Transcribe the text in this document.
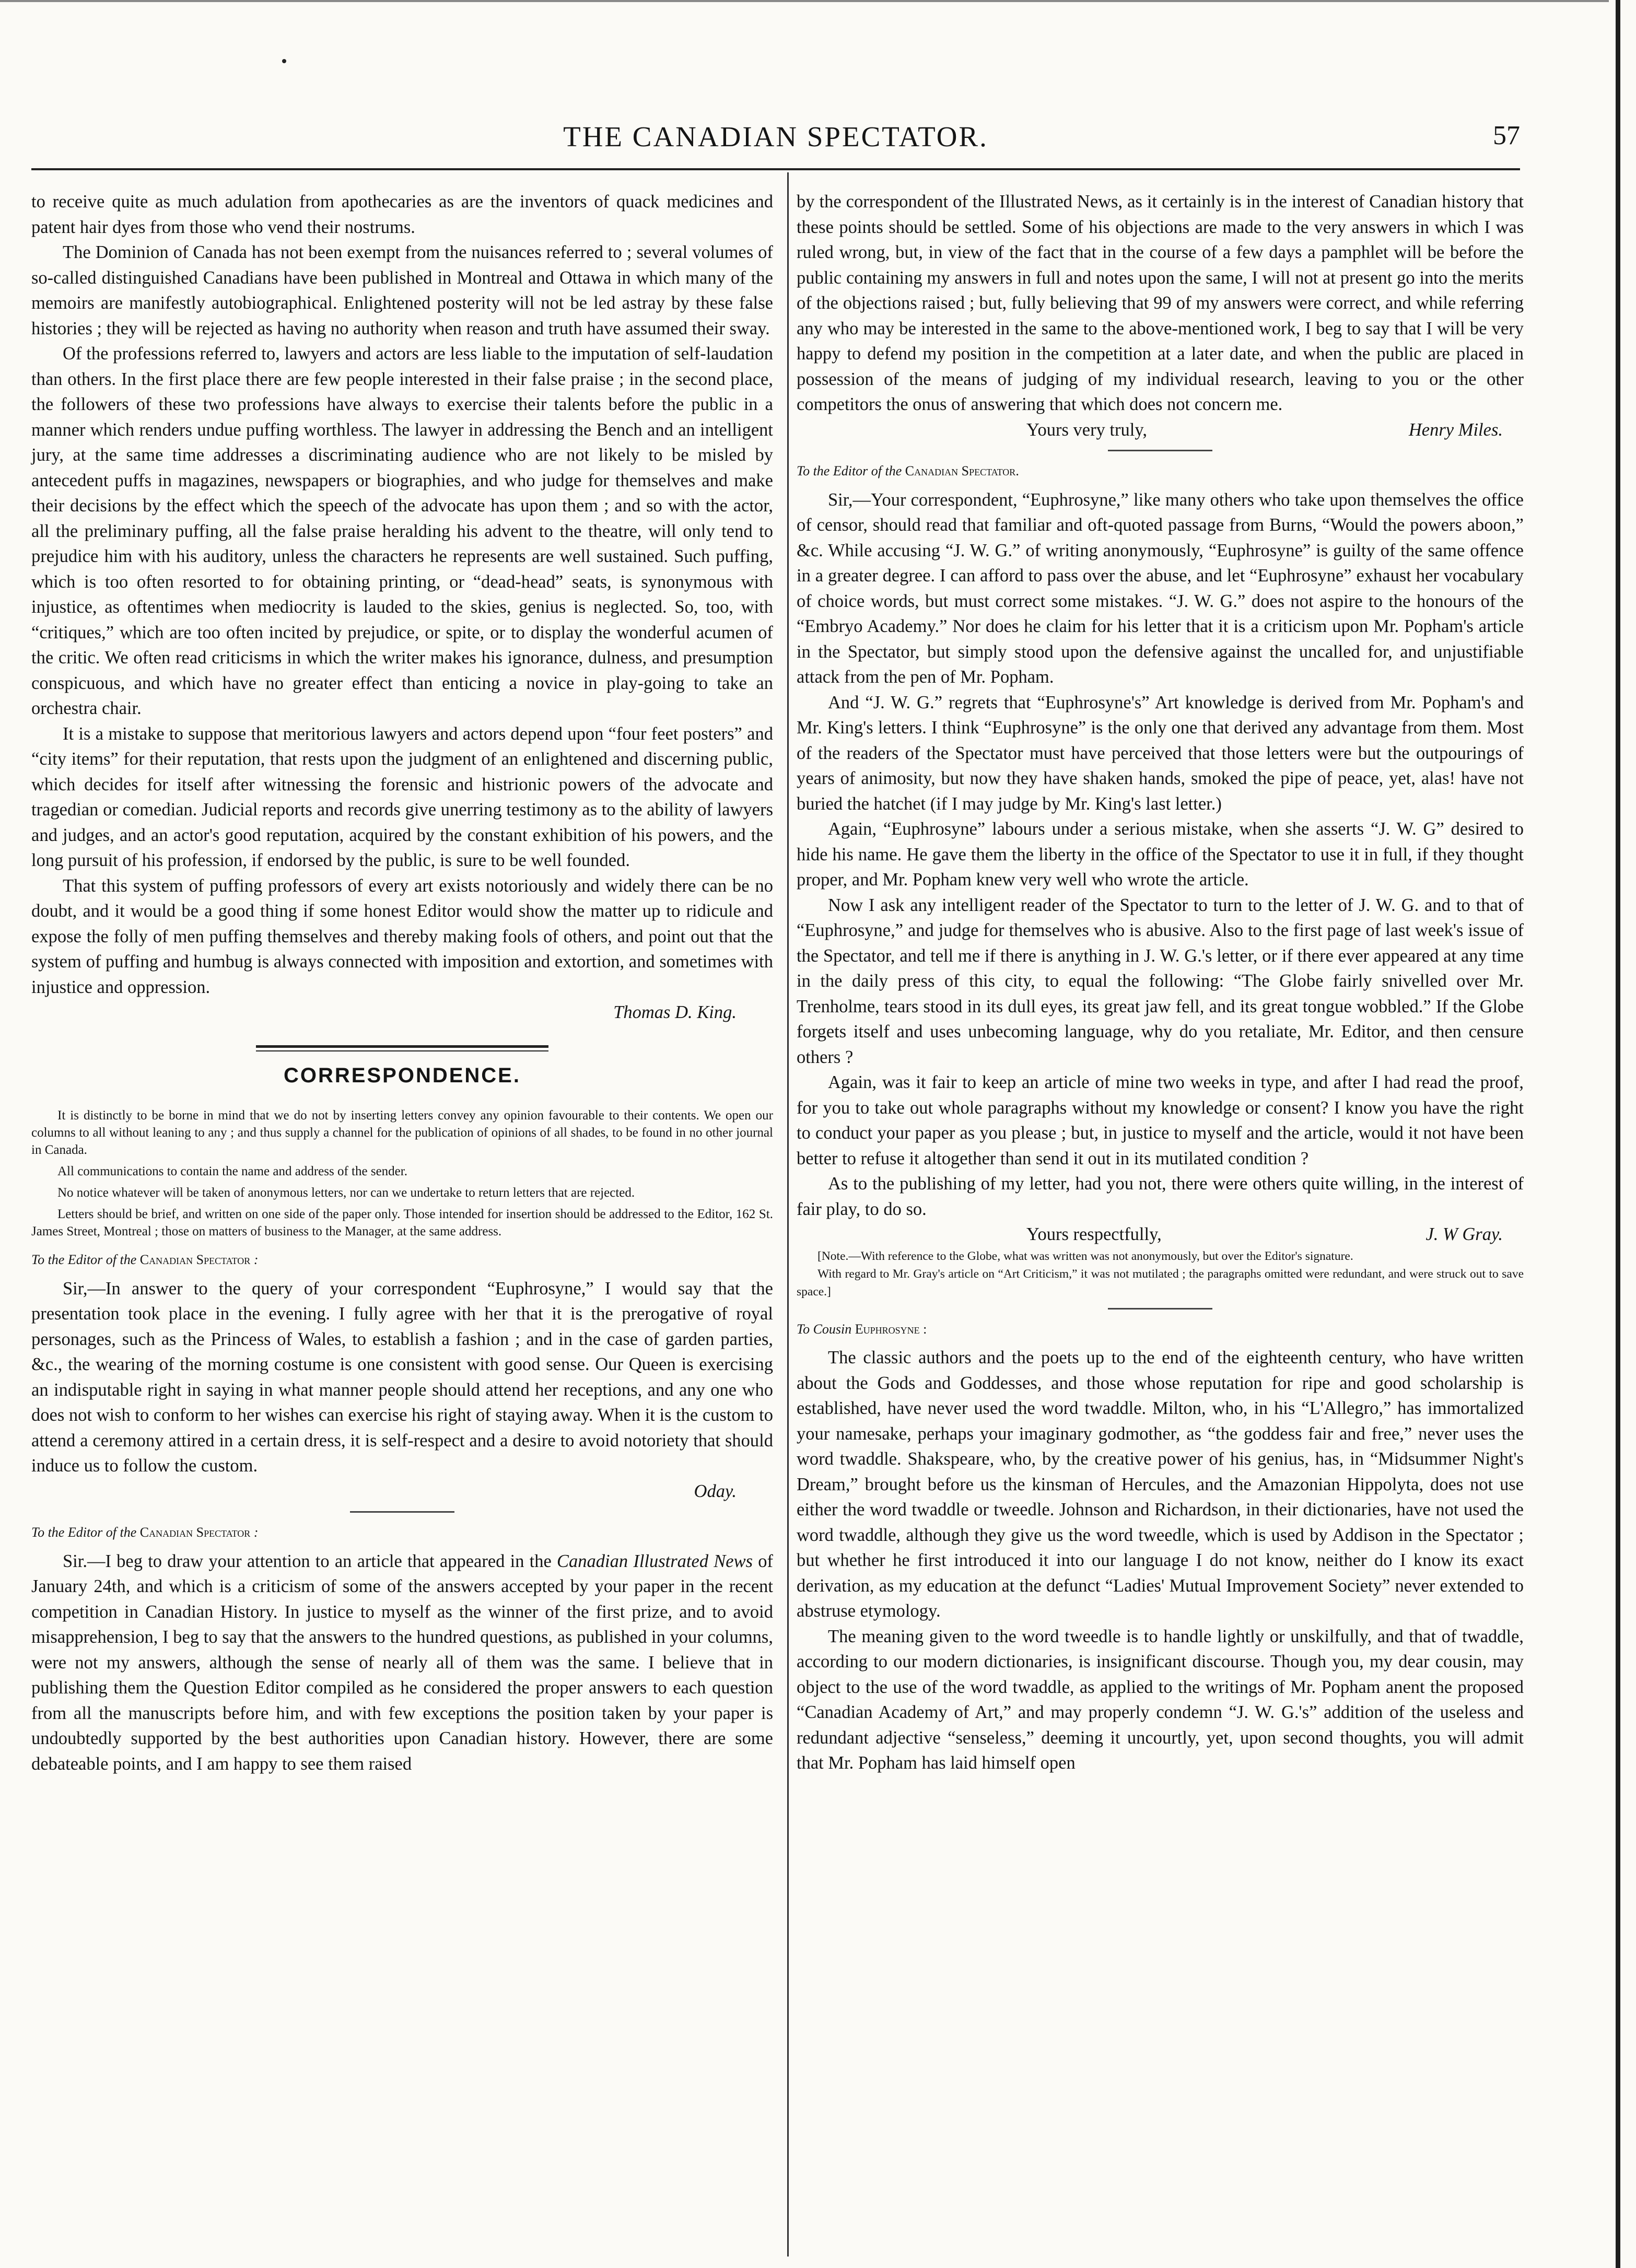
THE CANADIAN SPECTATOR.	57

to receive quite as much adulation from apothecaries as are the inventors of quack medicines and patent hair dyes from those who vend their nostrums.

The Dominion of Canada has not been exempt from the nuisances referred to ; several volumes of so-called distinguished Canadians have been published in Montreal and Ottawa in which many of the memoirs are manifestly autobiographical. Enlightened posterity will not be led astray by these false histories ; they will be rejected as having no authority when reason and truth have assumed their sway.

Of the professions referred to, lawyers and actors are less liable to the imputation of self-laudation than others. In the first place there are few people interested in their false praise ; in the second place, the followers of these two professions have always to exercise their talents before the public in a manner which renders undue puffing worthless. The lawyer in addressing the Bench and an intelligent jury, at the same time addresses a discriminating audience who are not likely to be misled by antecedent puffs in magazines, newspapers or biographies, and who judge for themselves and make their decisions by the effect which the speech of the advocate has upon them ; and so with the actor, all the preliminary puffing, all the false praise heralding his advent to the theatre, will only tend to prejudice him with his auditory, unless the characters he represents are well sustained. Such puffing, which is too often resorted to for obtaining printing, or “dead-head” seats, is synonymous with injustice, as oftentimes when mediocrity is lauded to the skies, genius is neglected. So, too, with “critiques,” which are too often incited by prejudice, or spite, or to display the wonderful acumen of the critic. We often read criticisms in which the writer makes his ignorance, dulness, and presumption conspicuous, and which have no greater effect than enticing a novice in play-going to take an orchestra chair.

It is a mistake to suppose that meritorious lawyers and actors depend upon “four feet posters” and “city items” for their reputation, that rests upon the judgment of an enlightened and discerning public, which decides for itself after witnessing the forensic and histrionic powers of the advocate and tragedian or comedian. Judicial reports and records give unerring testimony as to the ability of lawyers and judges, and an actor's good reputation, acquired by the constant exhibition of his powers, and the long pursuit of his profession, if endorsed by the public, is sure to be well founded.

That this system of puffing professors of every art exists notoriously and widely there can be no doubt, and it would be a good thing if some honest Editor would show the matter up to ridicule and expose the folly of men puffing themselves and thereby making fools of others, and point out that the system of puffing and humbug is always connected with imposition and extortion, and sometimes with injustice and oppression.

Thomas D. King.
CORRESPONDENCE.

It is distinctly to be borne in mind that we do not by inserting letters convey any opinion favourable to their contents. We open our columns to all without leaning to any ; and thus supply a channel for the publication of opinions of all shades, to be found in no other journal in Canada.

All communications to contain the name and address of the sender.

No notice whatever will be taken of anonymous letters, nor can we undertake to return letters that are rejected.

Letters should be brief, and written on one side of the paper only. Those intended for insertion should be addressed to the Editor, 162 St. James Street, Montreal ; those on matters of business to the Manager, at the same address.

To the Editor of the Canadian Spectator :

Sir,—In answer to the query of your correspondent “Euphrosyne,” I would say that the presentation took place in the evening. I fully agree with her that it is the prerogative of royal personages, such as the Princess of Wales, to establish a fashion ; and in the case of garden parties, &c., the wearing of the morning costume is one consistent with good sense. Our Queen is exercising an indisputable right in saying in what manner people should attend her receptions, and any one who does not wish to conform to her wishes can exercise his right of staying away. When it is the custom to attend a ceremony attired in a certain dress, it is self-respect and a desire to avoid notoriety that should induce us to follow the custom.

Oday.
To the Editor of the Canadian Spectator :

Sir.—I beg to draw your attention to an article that appeared in the Canadian Illustrated News of January 24th, and which is a criticism of some of the answers accepted by your paper in the recent competition in Canadian History. In justice to myself as the winner of the first prize, and to avoid misapprehension, I beg to say that the answers to the hundred questions, as published in your columns, were not my answers, although the sense of nearly all of them was the same. I believe that in publishing them the Question Editor compiled as he considered the proper answers to each question from all the manuscripts before him, and with few exceptions the position taken by your paper is undoubtedly supported by the best authorities upon Canadian history. However, there are some debateable points, and I am happy to see them raised

by the correspondent of the Illustrated News, as it certainly is in the interest of Canadian history that these points should be settled. Some of his objections are made to the very answers in which I was ruled wrong, but, in view of the fact that in the course of a few days a pamphlet will be before the public containing my answers in full and notes upon the same, I will not at present go into the merits of the objections raised ; but, fully believing that 99 of my answers were correct, and while referring any who may be interested in the same to the above-mentioned work, I beg to say that I will be very happy to defend my position in the competition at a later date, and when the public are placed in possession of the means of judging of my individual research, leaving to you or the other competitors the onus of answering that which does not concern me.

Yours very truly,	Henry Miles.
To the Editor of the Canadian Spectator.

Sir,—Your correspondent, “Euphrosyne,” like many others who take upon themselves the office of censor, should read that familiar and oft-quoted passage from Burns, “Would the powers aboon,” &c. While accusing “J. W. G.” of writing anonymously, “Euphrosyne” is guilty of the same offence in a greater degree. I can afford to pass over the abuse, and let “Euphrosyne” exhaust her vocabulary of choice words, but must correct some mistakes. “J. W. G.” does not aspire to the honours of the “Embryo Academy.” Nor does he claim for his letter that it is a criticism upon Mr. Popham's article in the Spectator, but simply stood upon the defensive against the uncalled for, and unjustifiable attack from the pen of Mr. Popham.

And “J. W. G.” regrets that “Euphrosyne's” Art knowledge is derived from Mr. Popham's and Mr. King's letters. I think “Euphrosyne” is the only one that derived any advantage from them. Most of the readers of the Spectator must have perceived that those letters were but the outpourings of years of animosity, but now they have shaken hands, smoked the pipe of peace, yet, alas! have not buried the hatchet (if I may judge by Mr. King's last letter.)

Again, “Euphrosyne” labours under a serious mistake, when she asserts “J. W. G” desired to hide his name. He gave them the liberty in the office of the Spectator to use it in full, if they thought proper, and Mr. Popham knew very well who wrote the article.

Now I ask any intelligent reader of the Spectator to turn to the letter of J. W. G. and to that of “Euphrosyne,” and judge for themselves who is abusive. Also to the first page of last week's issue of the Spectator, and tell me if there is anything in J. W. G.'s letter, or if there ever appeared at any time in the daily press of this city, to equal the following: “The Globe fairly snivelled over Mr. Trenholme, tears stood in its dull eyes, its great jaw fell, and its great tongue wobbled.” If the Globe forgets itself and uses unbecoming language, why do you retaliate, Mr. Editor, and then censure others ?

Again, was it fair to keep an article of mine two weeks in type, and after I had read the proof, for you to take out whole paragraphs without my knowledge or consent? I know you have the right to conduct your paper as you please ; but, in justice to myself and the article, would it not have been better to refuse it altogether than send it out in its mutilated condition ?

As to the publishing of my letter, had you not, there were others quite willing, in the interest of fair play, to do so.

Yours respectfully,	J. W Gray.

[Note.—With reference to the Globe, what was written was not anonymously, but over the Editor's signature.

With regard to Mr. Gray's article on “Art Criticism,” it was not mutilated ; the paragraphs omitted were redundant, and were struck out to save space.]

To Cousin Euphrosyne :

The classic authors and the poets up to the end of the eighteenth century, who have written about the Gods and Goddesses, and those whose reputation for ripe and good scholarship is established, have never used the word twaddle. Milton, who, in his “L'Allegro,” has immortalized your namesake, perhaps your imaginary godmother, as “the goddess fair and free,” never uses the word twaddle. Shakspeare, who, by the creative power of his genius, has, in “Midsummer Night's Dream,” brought before us the kinsman of Hercules, and the Amazonian Hippolyta, does not use either the word twaddle or tweedle. Johnson and Richardson, in their dictionaries, have not used the word twaddle, although they give us the word tweedle, which is used by Addison in the Spectator ; but whether he first introduced it into our language I do not know, neither do I know its exact derivation, as my education at the defunct “Ladies' Mutual Improvement Society” never extended to abstruse etymology.

The meaning given to the word tweedle is to handle lightly or unskilfully, and that of twaddle, according to our modern dictionaries, is insignificant discourse. Though you, my dear cousin, may object to the use of the word twaddle, as applied to the writings of Mr. Popham anent the proposed “Canadian Academy of Art,” and may properly condemn “J. W. G.'s” addition of the useless and redundant adjective “senseless,” deeming it uncourtly, yet, upon second thoughts, you will admit that Mr. Popham has laid himself open
